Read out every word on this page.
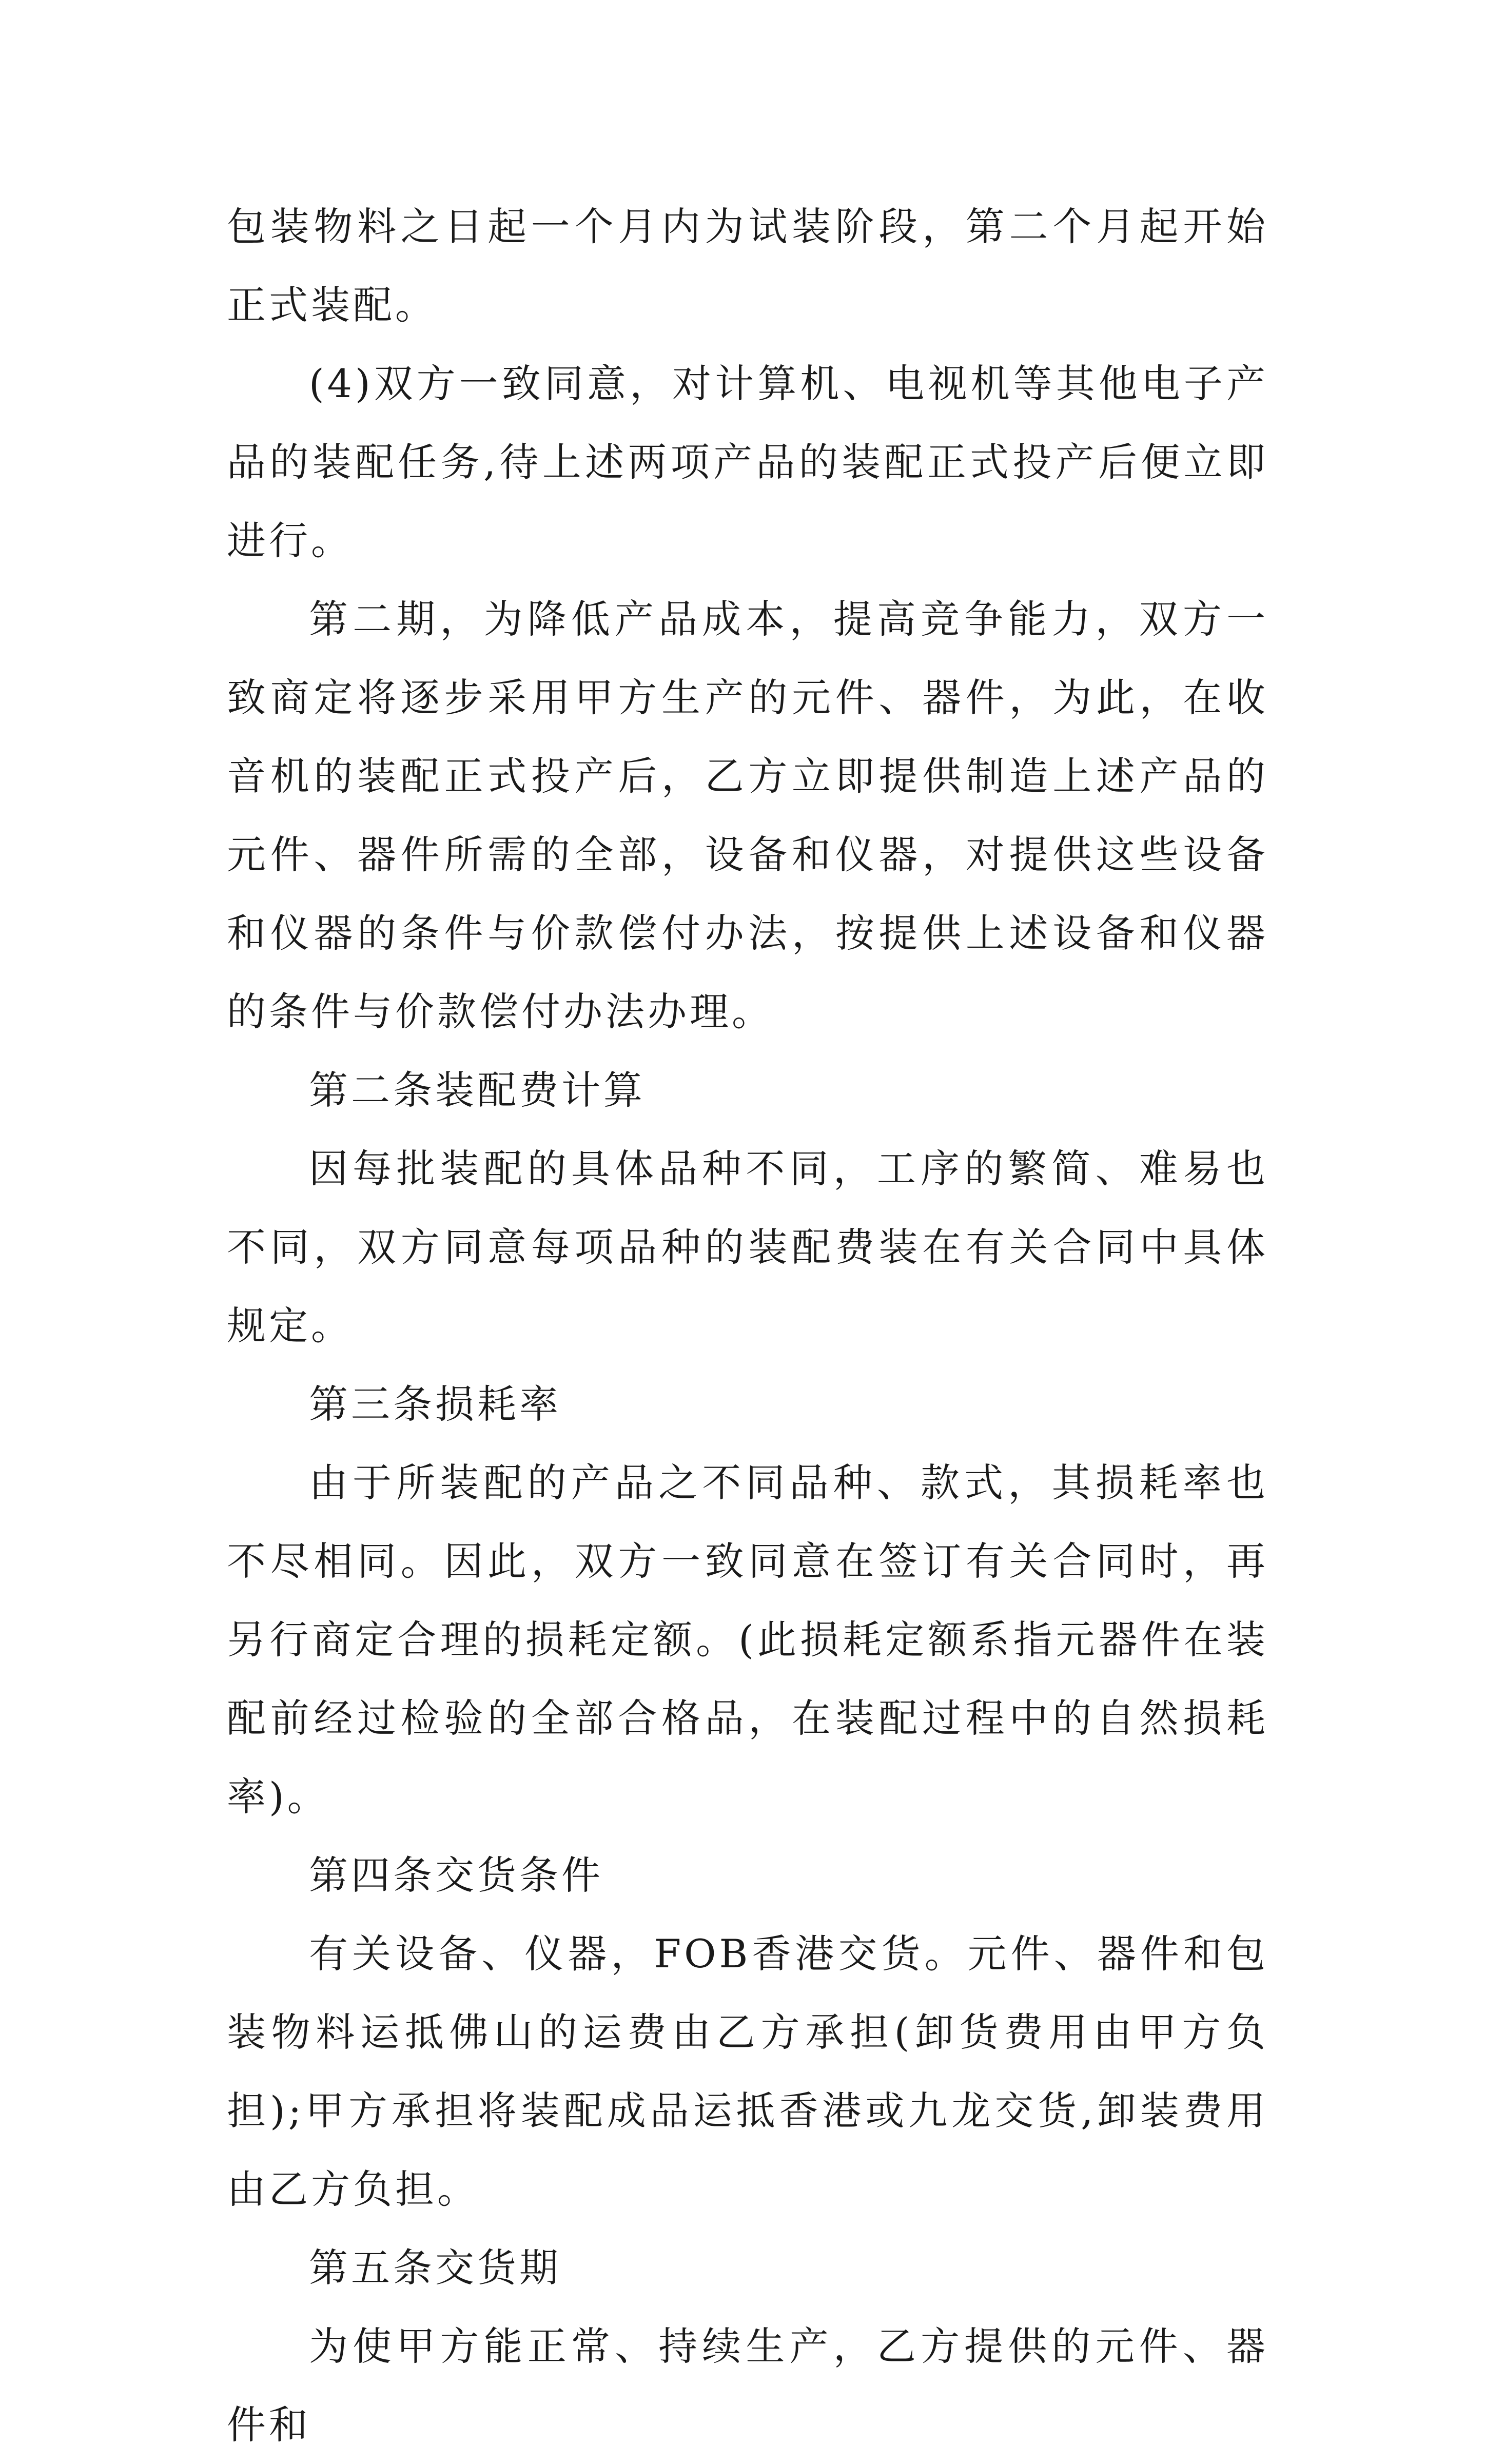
包装物料之日起一个月内为试装阶段，第二个月起开始正式装配。

(4)双方一致同意，对计算机、电视机等其他电子产品的装配任务,待上述两项产品的装配正式投产后便立即进行。

第二期，为降低产品成本，提高竞争能力，双方一致商定将逐步采用甲方生产的元件、器件，为此，在收音机的装配正式投产后，乙方立即提供制造上述产品的元件、器件所需的全部，设备和仪器，对提供这些设备和仪器的条件与价款偿付办法，按提供上述设备和仪器的条件与价款偿付办法办理。

第二条装配费计算

因每批装配的具体品种不同，工序的繁简、难易也不同，双方同意每项品种的装配费装在有关合同中具体规定。

第三条损耗率

由于所装配的产品之不同品种、款式，其损耗率也不尽相同。因此，双方一致同意在签订有关合同时，再另行商定合理的损耗定额。(此损耗定额系指元器件在装配前经过检验的全部合格品，在装配过程中的自然损耗率)。

第四条交货条件

有关设备、仪器，FOB香港交货。元件、器件和包装物料运抵佛山的运费由乙方承担(卸货费用由甲方负担);甲方承担将装配成品运抵香港或九龙交货,卸装费用由乙方负担。

第五条交货期

为使甲方能正常、持续生产，乙方提供的元件、器件和
